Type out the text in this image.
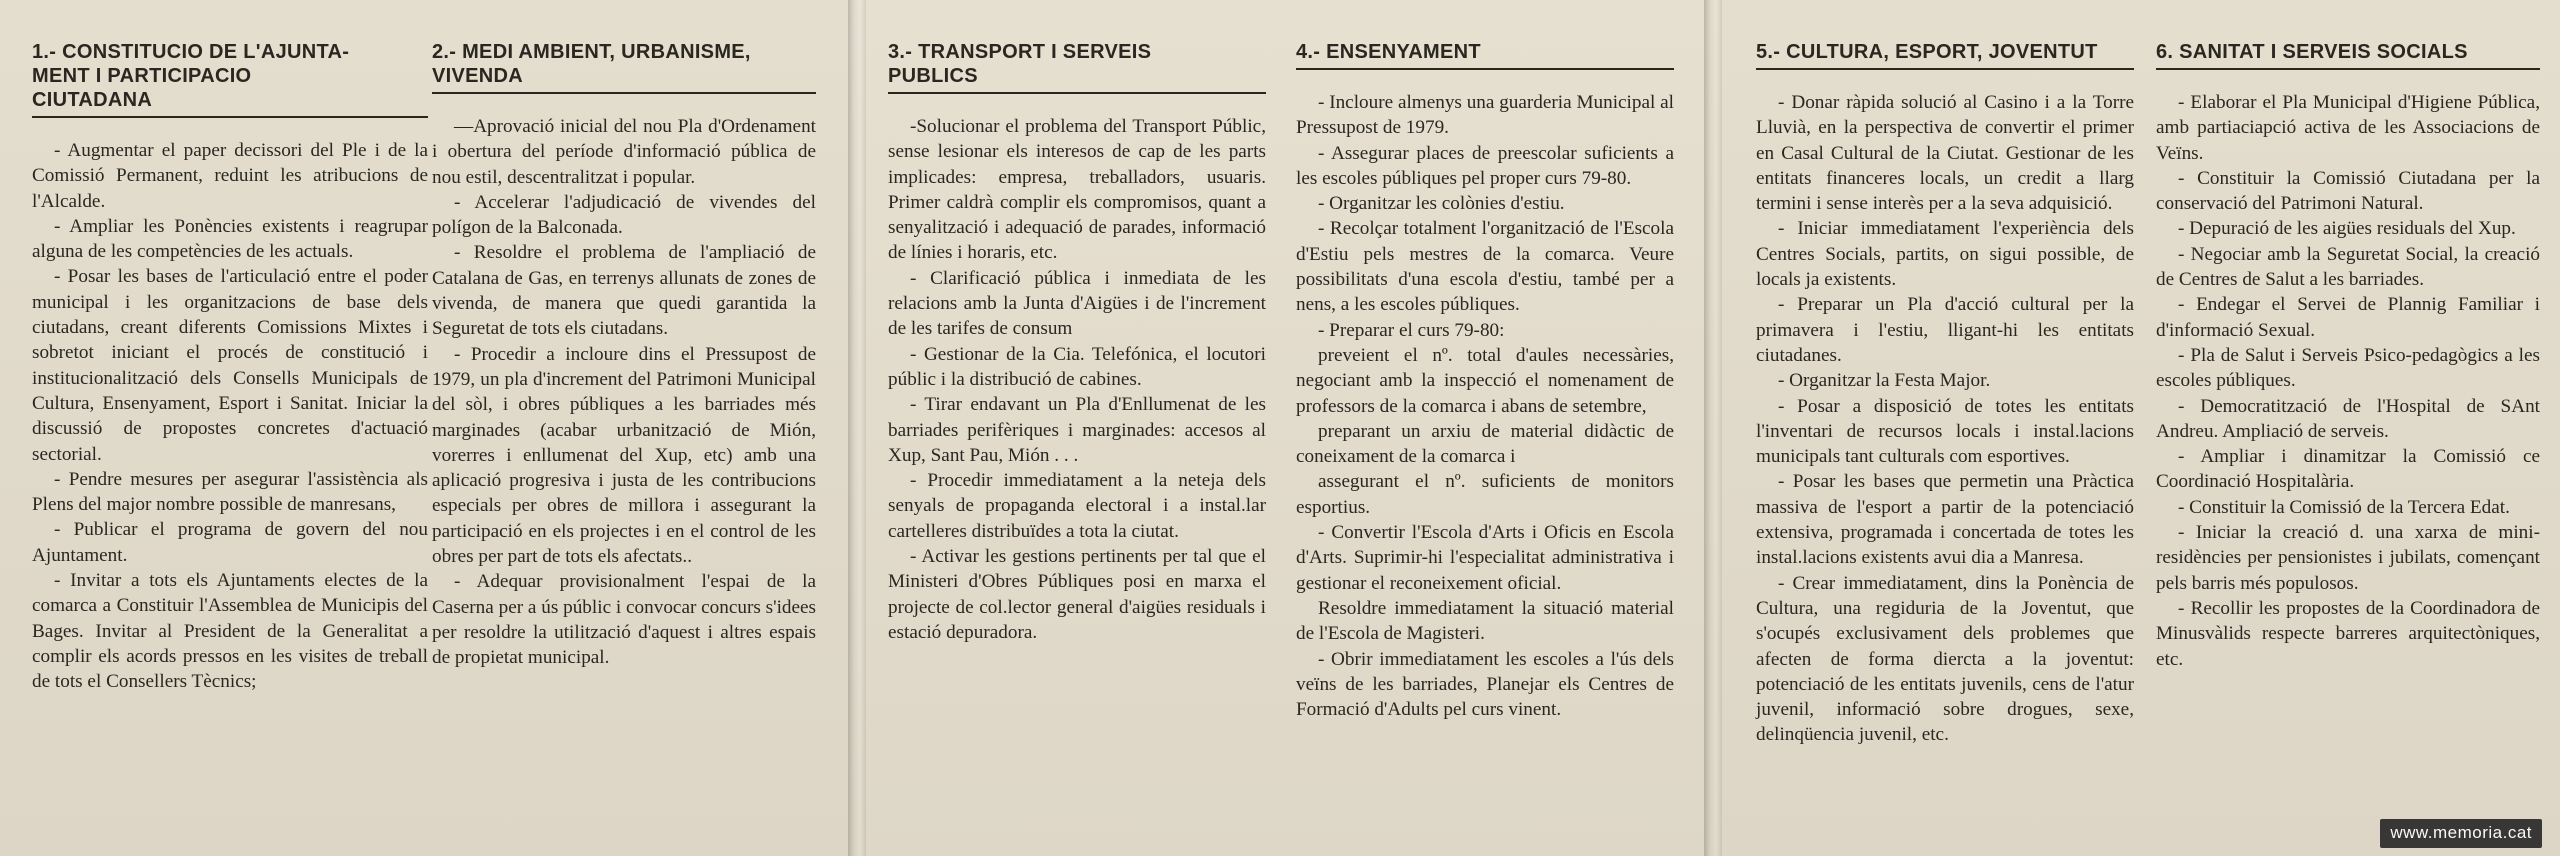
1.- CONSTITUCIO DE L'AJUNTA-
MENT I PARTICIPACIO
CIUTADANA

- Augmentar el paper decissori del Ple i de la Comissió Permanent, reduint les atribucions de l'Alcalde.

- Ampliar les Ponències existents i reagrupar alguna de les competències de les actuals.

- Posar les bases de l'articulació entre el poder municipal i les organitzacions de base dels ciutadans, creant diferents Comissions Mixtes i sobretot iniciant el procés de constitució i institucionalització dels Consells Municipals de Cultura, Ensenyament, Esport i Sanitat. Iniciar la discussió de propostes concretes d'actuació sectorial.

- Pendre mesures per asegurar l'assistència als Plens del major nombre possible de manresans,

- Publicar el programa de govern del nou Ajuntament.

- Invitar a tots els Ajuntaments electes de la comarca a Constituir l'Assemblea de Municipis del Bages. Invitar al President de la Generalitat a complir els acords pressos en les visites de treball de tots el Consellers Tècnics;

2.- MEDI AMBIENT, URBANISME,
VIVENDA

—Aprovació inicial del nou Pla d'Ordenament i obertura del període d'informació pública de nou estil, descentralitzat i popular.

- Accelerar l'adjudicació de vivendes del polígon de la Balconada.

- Resoldre el problema de l'ampliació de Catalana de Gas, en terrenys allunats de zones de vivenda, de manera que quedi garantida la Seguretat de tots els ciutadans.

- Procedir a incloure dins el Pressupost de 1979, un pla d'increment del Patrimoni Municipal del sòl, i obres públiques a les barriades més marginades (acabar urbanització de Mión, vorerres i enllumenat del Xup, etc) amb una aplicació progresiva i justa de les contribucions especials per obres de millora i assegurant la participació en els projectes i en el control de les obres per part de tots els afectats..

- Adequar provisionalment l'espai de la Caserna per a ús públic i convocar concurs s'idees per resoldre la utilització d'aquest i altres espais de propietat municipal.

3.- TRANSPORT I SERVEIS
PUBLICS

-Solucionar el problema del Transport Públic, sense lesionar els interesos de cap de les parts implicades: empresa, treballadors, usuaris. Primer caldrà complir els compromisos, quant a senyalització i adequació de parades, informació de línies i horaris, etc.

- Clarificació pública i inmediata de les relacions amb la Junta d'Aigües i de l'increment de les tarifes de consum

- Gestionar de la Cia. Telefónica, el locutori públic i la distribució de cabines.

- Tirar endavant un Pla d'Enllumenat de les barriades perifèriques i marginades: accesos al Xup, Sant Pau, Mión . . .

- Procedir immediatament a la neteja dels senyals de propaganda electoral i a instal.lar cartelleres distribuïdes a tota la ciutat.

- Activar les gestions pertinents per tal que el Ministeri d'Obres Públiques posi en marxa el projecte de col.lector general d'aigües residuals i estació depuradora.

4.- ENSENYAMENT

- Incloure almenys una guarderia Municipal al Pressupost de 1979.

- Assegurar places de preescolar suficients a les escoles públiques pel proper curs 79-80.

- Organitzar les colònies d'estiu.

- Recolçar totalment l'organització de l'Escola d'Estiu pels mestres de la comarca. Veure possibilitats d'una escola d'estiu, també per a nens, a les escoles públiques.

- Preparar el curs 79-80:

preveient el nº. total d'aules necessàries, negociant amb la inspecció el nomenament de professors de la comarca i abans de setembre,

preparant un arxiu de material didàctic de coneixament de la comarca i

assegurant el nº. suficients de monitors esportius.

- Convertir l'Escola d'Arts i Oficis en Escola d'Arts. Suprimir-hi l'especialitat administrativa i gestionar el reconeixement oficial.

Resoldre immediatament la situació material de l'Escola de Magisteri.

- Obrir immediatament les escoles a l'ús dels veïns de les barriades, Planejar els Centres de Formació d'Adults pel curs vinent.

5.- CULTURA, ESPORT, JOVENTUT

- Donar ràpida solució al Casino i a la Torre Lluvià, en la perspectiva de convertir el primer en Casal Cultural de la Ciutat. Gestionar de les entitats financeres locals, un credit a llarg termini i sense interès per a la seva adquisició.

- Iniciar immediatament l'experiència dels Centres Socials, partits, on sigui possible, de locals ja existents.

- Preparar un Pla d'acció cultural per la primavera i l'estiu, lligant-hi les entitats ciutadanes.

- Organitzar la Festa Major.

- Posar a disposició de totes les entitats l'inventari de recursos locals i instal.lacions municipals tant culturals com esportives.

- Posar les bases que permetin una Pràctica massiva de l'esport a partir de la potenciació extensiva, programada i concertada de totes les instal.lacions existents avui dia a Manresa.

- Crear immediatament, dins la Ponència de Cultura, una regiduria de la Joventut, que s'ocupés exclusivament dels problemes que afecten de forma diercta a la joventut: potenciació de les entitats juvenils, cens de l'atur juvenil, informació sobre drogues, sexe, delinqüencia juvenil, etc.

6. SANITAT I SERVEIS SOCIALS

- Elaborar el Pla Municipal d'Higiene Pública, amb partiaciapció activa de les Associacions de Veïns.

- Constituir la Comissió Ciutadana per la conservació del Patrimoni Natural.

- Depuració de les aigües residuals del Xup.

- Negociar amb la Seguretat Social, la creació de Centres de Salut a les barriades.

- Endegar el Servei de Plannig Familiar i d'informació Sexual.

- Pla de Salut i Serveis Psico-pedagògics a les escoles públiques.

- Democratització de l'Hospital de SAnt Andreu. Ampliació de serveis.

- Ampliar i dinamitzar la Comissió ce Coordinació Hospitalària.

- Constituir la Comissió de la Tercera Edat.

- Iniciar la creació d. una xarxa de mini-residències per pensionistes i jubilats, començant pels barris més populosos.

- Recollir les propostes de la Coordinadora de Minusvàlids respecte barreres arquitectòniques, etc.

www.memoria.cat
